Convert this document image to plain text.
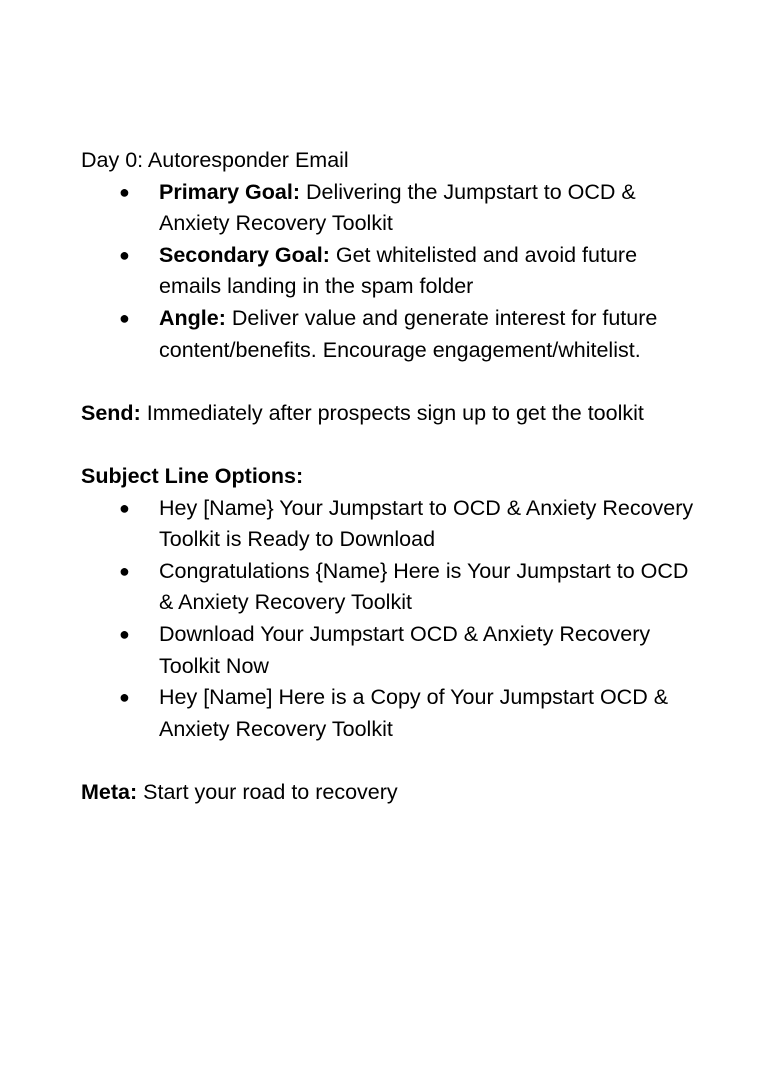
Day 0: Autoresponder Email

● Primary Goal: Delivering the Jumpstart to OCD & Anxiety Recovery Toolkit
● Secondary Goal: Get whitelisted and avoid future emails landing in the spam folder
● Angle: Deliver value and generate interest for future content/benefits. Encourage engagement/whitelist.

Send: Immediately after prospects sign up to get the toolkit

Subject Line Options:

● Hey [Name} Your Jumpstart to OCD & Anxiety Recovery Toolkit is Ready to Download
● Congratulations {Name} Here is Your Jumpstart to OCD & Anxiety Recovery Toolkit
● Download Your Jumpstart OCD & Anxiety Recovery Toolkit Now
● Hey [Name] Here is a Copy of Your Jumpstart OCD & Anxiety Recovery Toolkit

Meta: Start your road to recovery
